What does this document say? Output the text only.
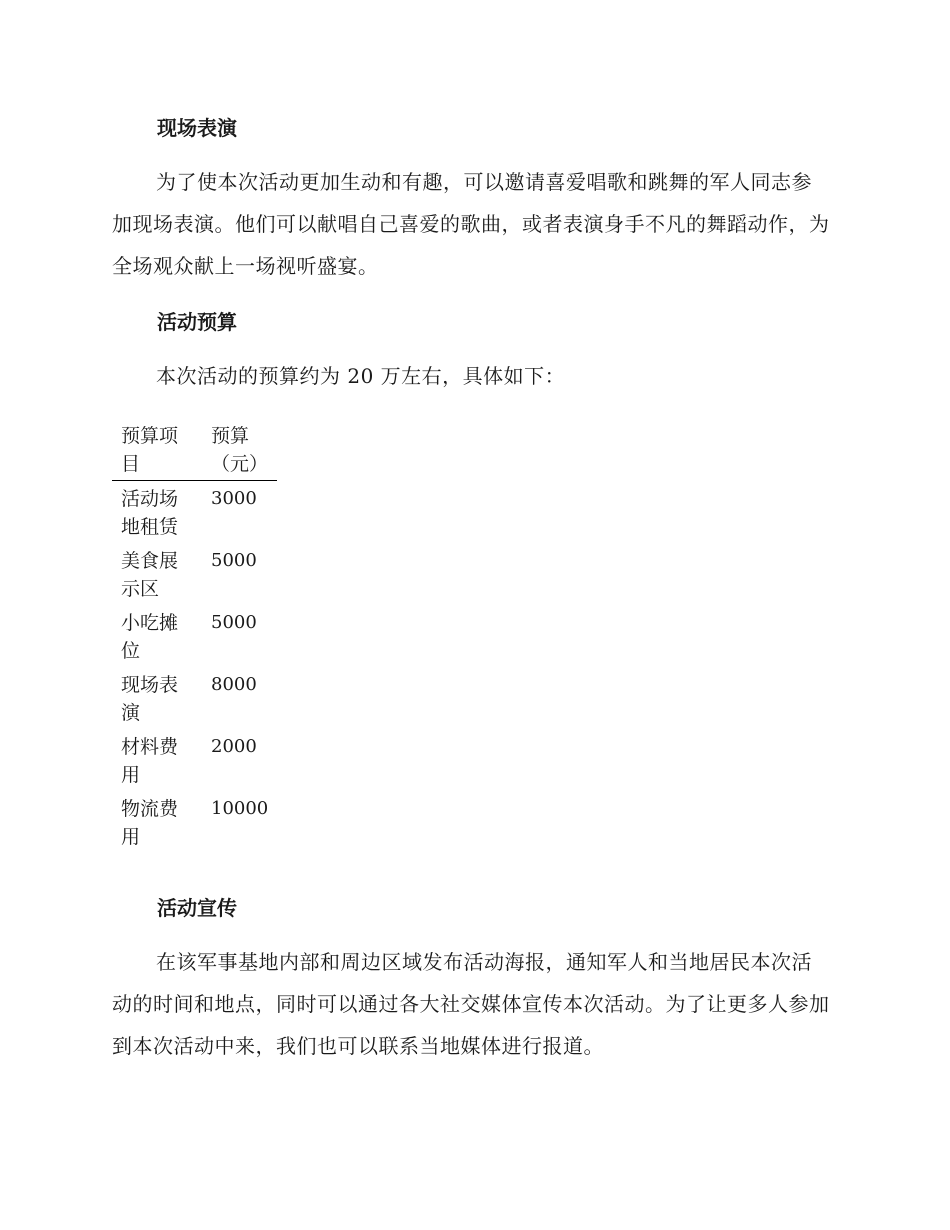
现场表演

为了使本次活动更加生动和有趣，可以邀请喜爱唱歌和跳舞的军人同志参加现场表演。他们可以献唱自己喜爱的歌曲，或者表演身手不凡的舞蹈动作，为全场观众献上一场视听盛宴。

活动预算

本次活动的预算约为 20 万左右，具体如下：

预算项目	预算（元）
活动场地租赁	3000
美食展示区	5000
小吃摊位	5000
现场表演	8000
材料费用	2000
物流费用	10000
活动宣传

在该军事基地内部和周边区域发布活动海报，通知军人和当地居民本次活动的时间和地点，同时可以通过各大社交媒体宣传本次活动。为了让更多人参加到本次活动中来，我们也可以联系当地媒体进行报道。
